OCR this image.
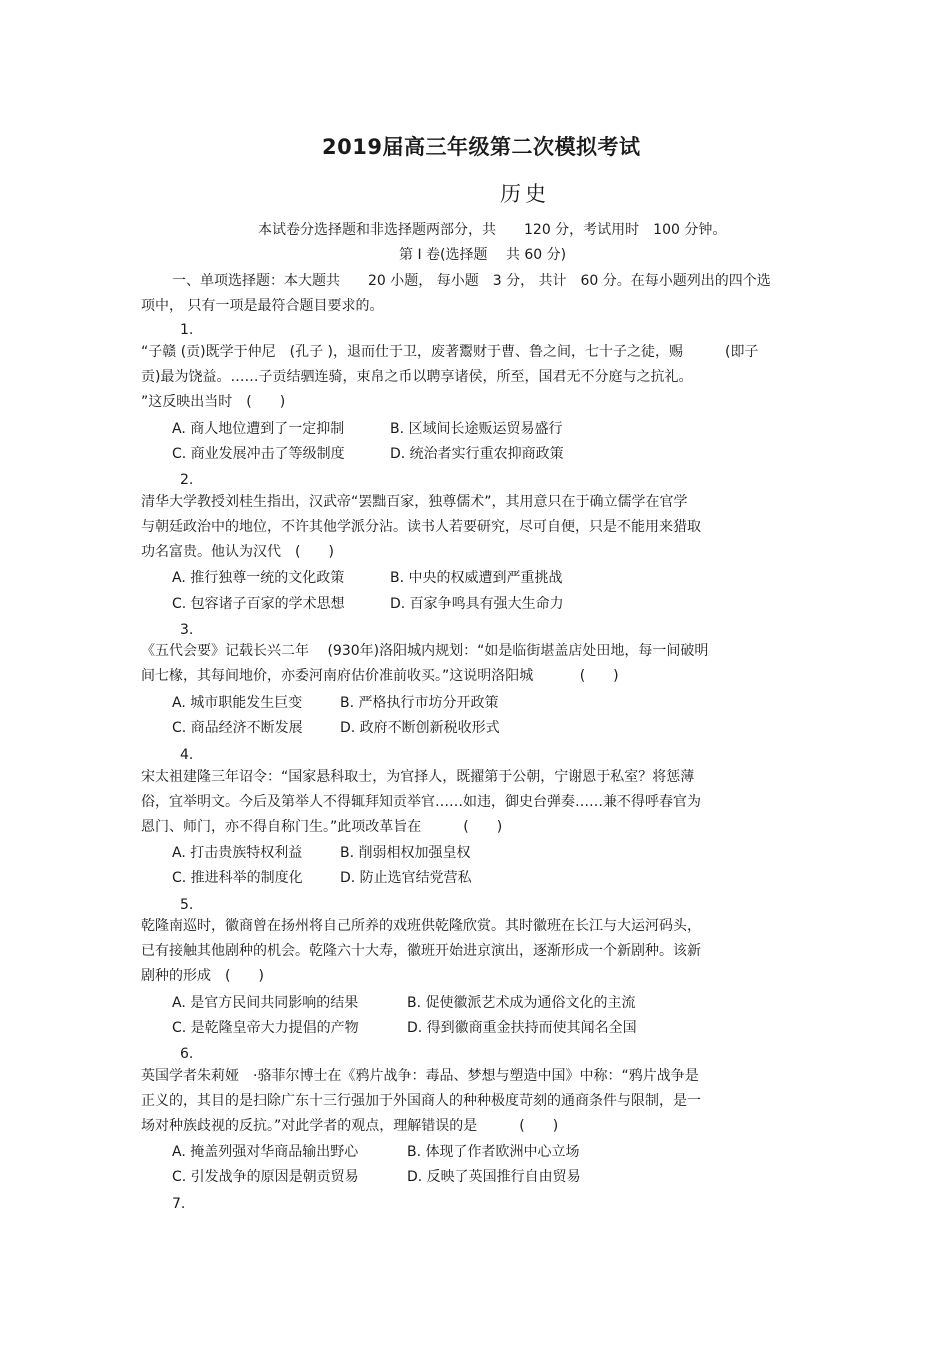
2019届高三年级第二次模拟考试
历史
本试卷分选择题和非选择题两部分，共　　120 分，考试用时　100 分钟。
第 Ⅰ 卷(选择题　 共 60 分)
一、单项选择题：本大题共　　20 小题， 每小题　3 分， 共计　60 分。在每小题列出的四个选
项中， 只有一项是最符合题目要求的。
1.
“子赣 (贡)既学于仲尼　(孔子 )，退而仕于卫，废著鬻财于曹、鲁之间，七十子之徒，赐　　　(即子
贡)最为饶益。……子贡结驷连骑，束帛之币以聘享诸侯，所至，国君无不分庭与之抗礼。
”这反映出当时　(　　)
A. 商人地位遭到了一定抑制	B. 区域间长途贩运贸易盛行
C. 商业发展冲击了等级制度	D. 统治者实行重农抑商政策
2.
清华大学教授刘桂生指出，汉武帝“罢黜百家，独尊儒术”，其用意只在于确立儒学在官学
与朝廷政治中的地位，不许其他学派分沾。读书人若要研究，尽可自便，只是不能用来猎取
功名富贵。他认为汉代　(　　)
A. 推行独尊一统的文化政策	B. 中央的权威遭到严重挑战
C. 包容诸子百家的学术思想	D. 百家争鸣具有强大生命力
3.
《五代会要》记载长兴二年　 (930年)洛阳城内规划：“如是临街堪盖店处田地，每一间破明
间七椽，其每间地价，亦委河南府估价准前收买。”这说明洛阳城　　　 (　　)
A. 城市职能发生巨变	B. 严格执行市坊分开政策
C. 商品经济不断发展	D. 政府不断创新税收形式
4.
宋太祖建隆三年诏令：“国家悬科取士，为官择人，既擢第于公朝，宁谢恩于私室？将惩薄
俗，宜举明文。今后及第举人不得辄拜知贡举官……如违，御史台弹奏……兼不得呼春官为
恩门、师门，亦不得自称门生。”此项改革旨在　　　(　　)
A. 打击贵族特权利益	B. 削弱相权加强皇权
C. 推进科举的制度化	D. 防止选官结党营私
5.
乾隆南巡时，徽商曾在扬州将自己所养的戏班供乾隆欣赏。其时徽班在长江与大运河码头，
已有接触其他剧种的机会。乾隆六十大寿，徽班开始进京演出，逐渐形成一个新剧种。该新
剧种的形成　(　　)
A. 是官方民间共同影响的结果	B. 促使徽派艺术成为通俗文化的主流
C. 是乾隆皇帝大力提倡的产物	D. 得到徽商重金扶持而使其闻名全国
6.
英国学者朱莉娅　·骆菲尔博士在《鸦片战争：毒品、梦想与塑造中国》中称：“鸦片战争是
正义的，其目的是扫除广东十三行强加于外国商人的种种极度苛刻的通商条件与限制，是一
场对种族歧视的反抗。”对此学者的观点，理解错误的是　　　(　　)
A. 掩盖列强对华商品输出野心	B. 体现了作者欧洲中心立场
C. 引发战争的原因是朝贡贸易	D. 反映了英国推行自由贸易
7.
